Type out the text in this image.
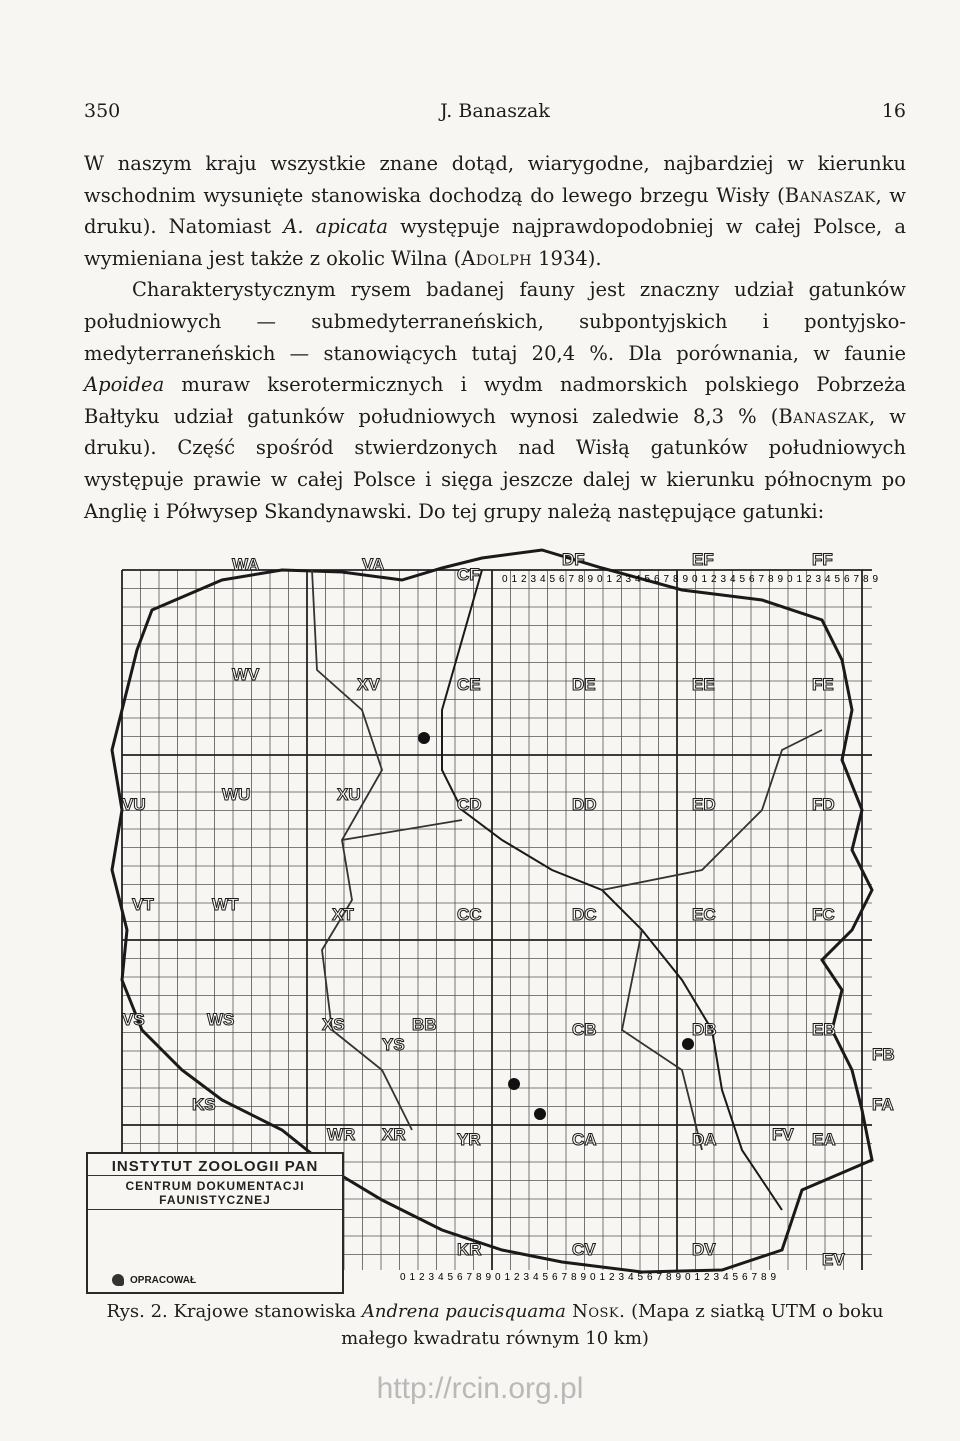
350	J. Banaszak	16

W naszym kraju wszystkie znane dotąd, wiarygodne, najbardziej w kierunku wschodnim wysunięte stanowiska dochodzą do lewego brzegu Wisły (Banaszak, w druku). Natomiast A. apicata występuje najprawdopodobniej w całej Polsce, a wymieniana jest także z okolic Wilna (Adolph 1934).

Charakterystycznym rysem badanej fauny jest znaczny udział gatunków południowych — submedyterraneńskich, subpontyjskich i pontyjsko-medyterraneńskich — stanowiących tutaj 20,4 %. Dla porównania, w faunie Apoidea muraw kserotermicznych i wydm nadmorskich polskiego Pobrzeża Bałtyku udział gatunków południowych wynosi zaledwie 8,3 % (Banaszak, w druku). Część spośród stwierdzonych nad Wisłą gatunków południowych występuje prawie w całej Polsce i sięga jeszcze dalej w kierunku północnym po Anglię i Półwysep Skandynawski. Do tej grupy należą następujące gatunki:

WA	VA	DF	EF	FF
CF
WV
XV	CE	DE	EE	FE
VU
WU	XU
CD	DD	ED	FD
VT	WT
XT	CC	DC	EC	FC
VS	WS	XS
YS
BB	CB	DB	EB
FB
KS
WR XR	YR	CA	DA	EA
FA
KR	CV	DV
EV
FV
0
0
1
1
2
2
3
3
4
4
5
5
6
6
7
7
8
8
9
9
0
0
1
1
2
2
3
3
4
4
5
5
6
6
7
7
8
8
9
9
0
0
1
1
2
2
3
3
4
4
5
5
6
6
7
7
8
8
9
9
0
0
1
1
2
2
3
3
4
4
5
5
6
6
7
7
8
8
9
9
INSTYTUT ZOOLOGII PAN
CENTRUM DOKUMENTACJI FAUNISTYCZNEJ
OPRACOWAŁ
Rys. 2. Krajowe stanowiska Andrena paucisquama Nosk. (Mapa z siatką UTM o boku małego kwadratu równym 10 km)
http://rcin.org.pl
